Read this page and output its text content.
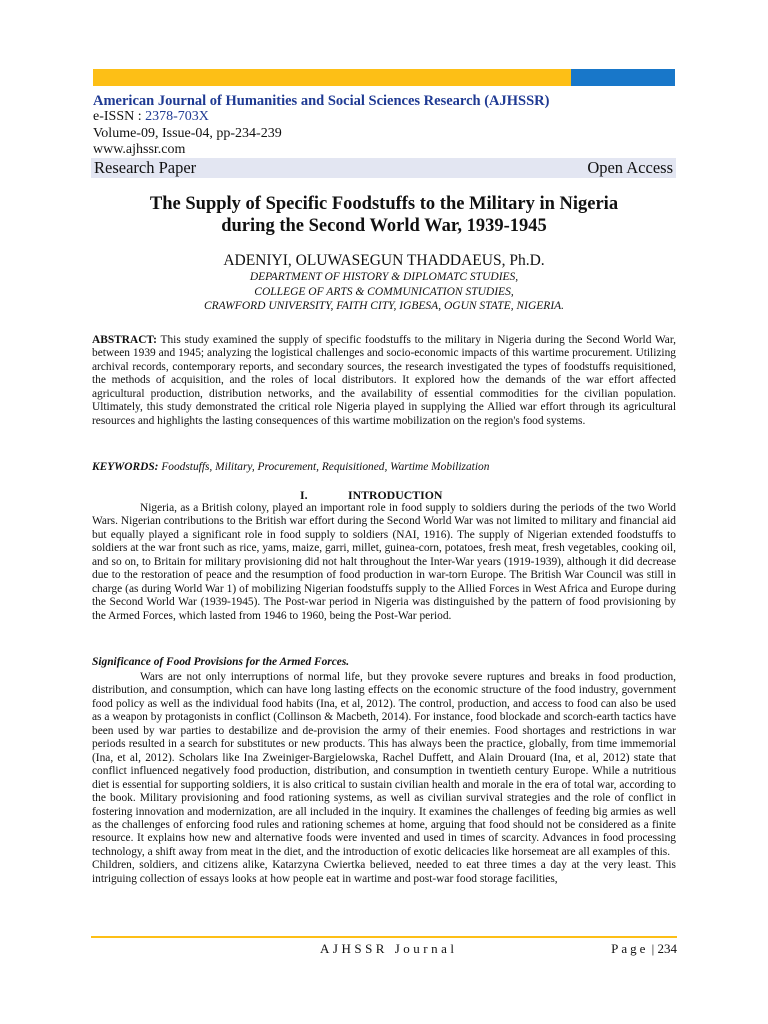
American Journal of Humanities and Social Sciences Research (AJHSSR)
e-ISSN : 2378-703X
Volume-09, Issue-04, pp-234-239
www.ajhssr.com
Research Paper	Open Access
The Supply of Specific Foodstuffs to the Military in Nigeria
during the Second World War, 1939-1945
ADENIYI, OLUWASEGUN THADDAEUS, Ph.D.
DEPARTMENT OF HISTORY & DIPLOMATC STUDIES,
COLLEGE OF ARTS & COMMUNICATION STUDIES,
CRAWFORD UNIVERSITY, FAITH CITY, IGBESA, OGUN STATE, NIGERIA.
ABSTRACT: This study examined the supply of specific foodstuffs to the military in Nigeria during the Second World War, between 1939 and 1945; analyzing the logistical challenges and socio-economic impacts of this wartime procurement. Utilizing archival records, contemporary reports, and secondary sources, the research investigated the types of foodstuffs requisitioned, the methods of acquisition, and the roles of local distributors. It explored how the demands of the war effort affected agricultural production, distribution networks, and the availability of essential commodities for the civilian population. Ultimately, this study demonstrated the critical role Nigeria played in supplying the Allied war effort through its agricultural resources and highlights the lasting consequences of this wartime mobilization on the region's food systems.
KEYWORDS: Foodstuffs, Military, Procurement, Requisitioned, Wartime Mobilization
I.	INTRODUCTION

Nigeria, as a British colony, played an important role in food supply to soldiers during the periods of the two World Wars. Nigerian contributions to the British war effort during the Second World War was not limited to military and financial aid but equally played a significant role in food supply to soldiers (NAI, 1916). The supply of Nigerian extended foodstuffs to soldiers at the war front such as rice, yams, maize, garri, millet, guinea-corn, potatoes, fresh meat, fresh vegetables, cooking oil, and so on, to Britain for military provisioning did not halt throughout the Inter-War years (1919-1939), although it did decrease due to the restoration of peace and the resumption of food production in war-torn Europe. The British War Council was still in charge (as during World War 1) of mobilizing Nigerian foodstuffs supply to the Allied Forces in West Africa and Europe during the Second World War (1939-1945). The Post-war period in Nigeria was distinguished by the pattern of food provisioning by the Armed Forces, which lasted from 1946 to 1960, being the Post-War period.

Significance of Food Provisions for the Armed Forces.

Wars are not only interruptions of normal life, but they provoke severe ruptures and breaks in food production, distribution, and consumption, which can have long lasting effects on the economic structure of the food industry, government food policy as well as the individual food habits (Ina, et al, 2012). The control, production, and access to food can also be used as a weapon by protagonists in conflict (Collinson & Macbeth, 2014). For instance, food blockade and scorch-earth tactics have been used by war parties to destabilize and de-provision the army of their enemies. Food shortages and restrictions in war periods resulted in a search for substitutes or new products. This has always been the practice, globally, from time immemorial (Ina, et al, 2012). Scholars like Ina Zweiniger-Bargielowska, Rachel Duffett, and Alain Drouard (Ina, et al, 2012) state that conflict influenced negatively food production, distribution, and consumption in twentieth century Europe. While a nutritious diet is essential for supporting soldiers, it is also critical to sustain civilian health and morale in the era of total war, according to the book. Military provisioning and food rationing systems, as well as civilian survival strategies and the role of conflict in fostering innovation and modernization, are all included in the inquiry. It examines the challenges of feeding big armies as well as the challenges of enforcing food rules and rationing schemes at home, arguing that food should not be considered as a finite resource. It explains how new and alternative foods were invented and used in times of scarcity. Advances in food processing technology, a shift away from meat in the diet, and the introduction of exotic delicacies like horsemeat are all examples of this.

Children, soldiers, and citizens alike, Katarzyna Cwiertka believed, needed to eat three times a day at the very least. This intriguing collection of essays looks at how people eat in wartime and post-war food storage facilities,

AJHSSR Journal	Page | 234
